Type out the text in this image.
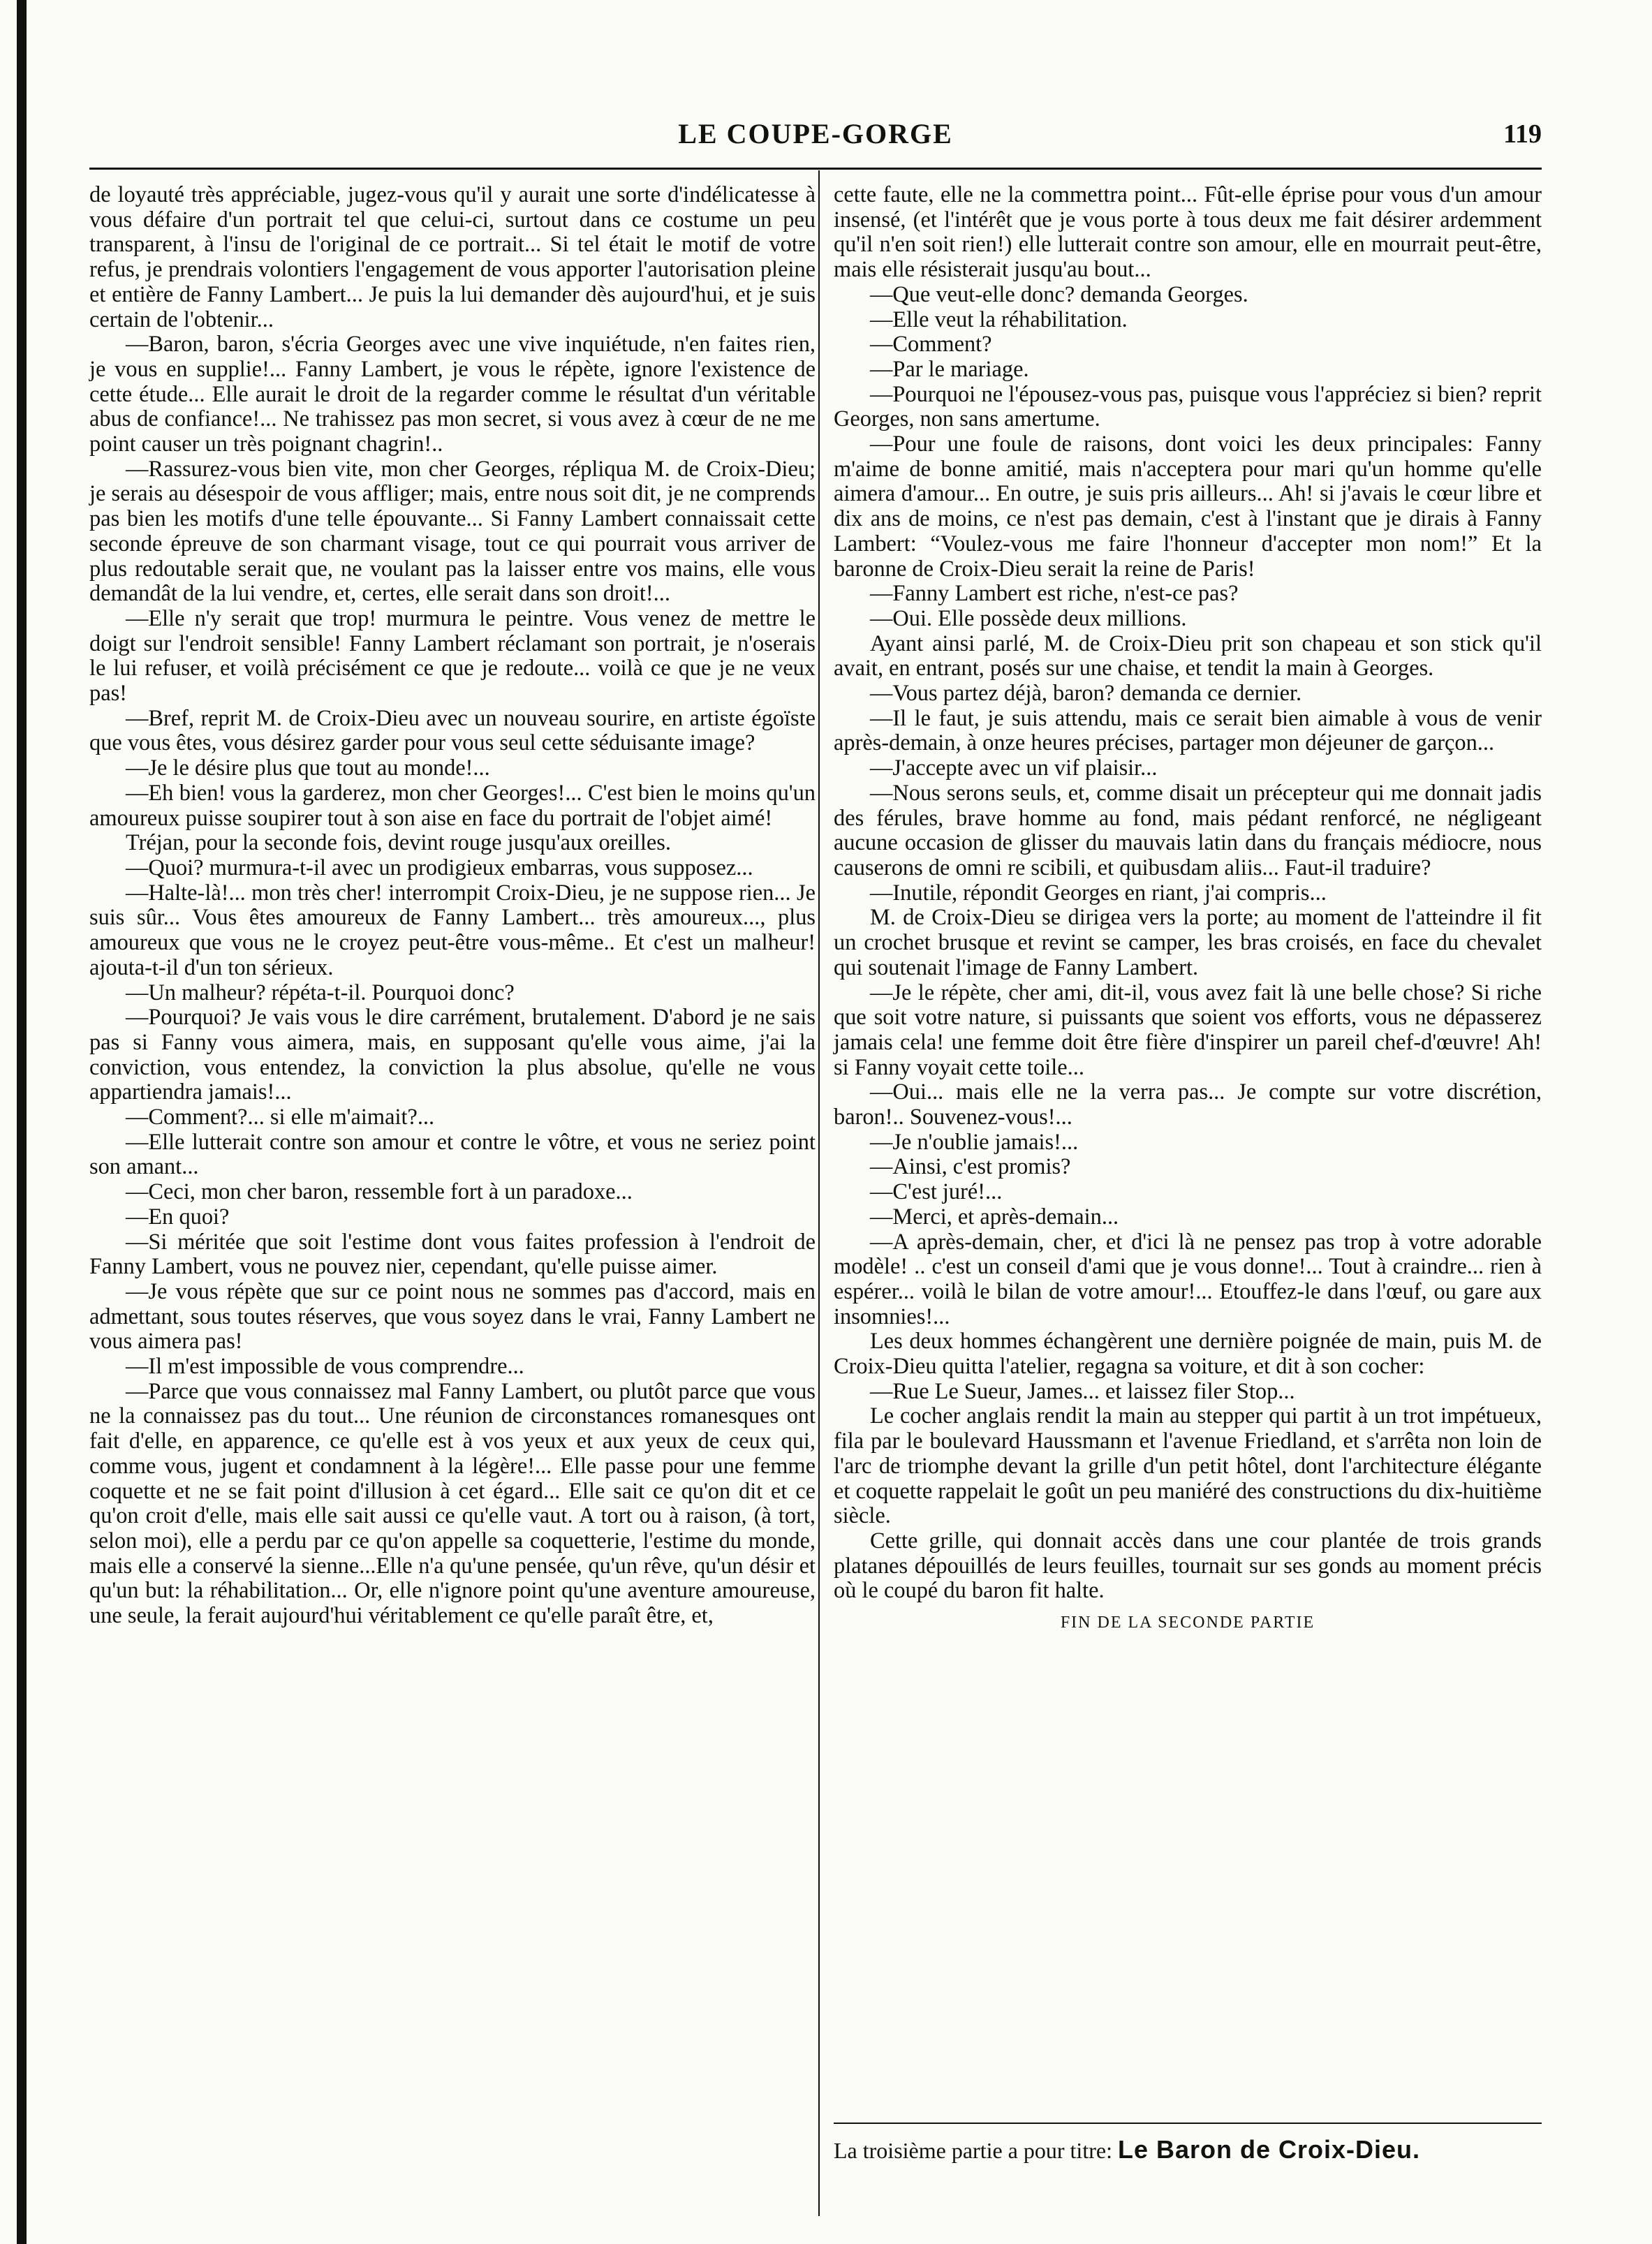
LE COUPE-GORGE	119

de loyauté très appréciable, jugez-vous qu'il y aurait une sorte d'indélicatesse à vous défaire d'un portrait tel que celui-ci, surtout dans ce costume un peu transparent, à l'insu de l'original de ce portrait... Si tel était le motif de votre refus, je prendrais volontiers l'engagement de vous apporter l'autorisation pleine et entière de Fanny Lambert... Je puis la lui demander dès aujourd'hui, et je suis certain de l'obtenir...

—Baron, baron, s'écria Georges avec une vive inquiétude, n'en faites rien, je vous en supplie!... Fanny Lambert, je vous le répète, ignore l'existence de cette étude... Elle aurait le droit de la regarder comme le résultat d'un véritable abus de confiance!... Ne trahissez pas mon secret, si vous avez à cœur de ne me point causer un très poignant chagrin!..

—Rassurez-vous bien vite, mon cher Georges, répliqua M. de Croix-Dieu; je serais au désespoir de vous affliger; mais, entre nous soit dit, je ne comprends pas bien les motifs d'une telle épouvante... Si Fanny Lambert connaissait cette seconde épreuve de son charmant visage, tout ce qui pourrait vous arriver de plus redoutable serait que, ne voulant pas la laisser entre vos mains, elle vous demandât de la lui vendre, et, certes, elle serait dans son droit!...

—Elle n'y serait que trop! murmura le peintre. Vous venez de mettre le doigt sur l'endroit sensible! Fanny Lambert réclamant son portrait, je n'oserais le lui refuser, et voilà précisément ce que je redoute... voilà ce que je ne veux pas!

—Bref, reprit M. de Croix-Dieu avec un nouveau sourire, en artiste égoïste que vous êtes, vous désirez garder pour vous seul cette séduisante image?

—Je le désire plus que tout au monde!...

—Eh bien! vous la garderez, mon cher Georges!... C'est bien le moins qu'un amoureux puisse soupirer tout à son aise en face du portrait de l'objet aimé!

Tréjan, pour la seconde fois, devint rouge jusqu'aux oreilles.

—Quoi? murmura-t-il avec un prodigieux embarras, vous supposez...

—Halte-là!... mon très cher! interrompit Croix-Dieu, je ne suppose rien... Je suis sûr... Vous êtes amoureux de Fanny Lambert... très amoureux..., plus amoureux que vous ne le croyez peut-être vous-même.. Et c'est un malheur! ajouta-t-il d'un ton sérieux.

—Un malheur? répéta-t-il. Pourquoi donc?

—Pourquoi? Je vais vous le dire carrément, brutalement. D'abord je ne sais pas si Fanny vous aimera, mais, en supposant qu'elle vous aime, j'ai la conviction, vous entendez, la conviction la plus absolue, qu'elle ne vous appartiendra jamais!...

—Comment?... si elle m'aimait?...

—Elle lutterait contre son amour et contre le vôtre, et vous ne seriez point son amant...

—Ceci, mon cher baron, ressemble fort à un paradoxe...

—En quoi?

—Si méritée que soit l'estime dont vous faites profession à l'endroit de Fanny Lambert, vous ne pouvez nier, cependant, qu'elle puisse aimer.

—Je vous répète que sur ce point nous ne sommes pas d'accord, mais en admettant, sous toutes réserves, que vous soyez dans le vrai, Fanny Lambert ne vous aimera pas!

—Il m'est impossible de vous comprendre...

—Parce que vous connaissez mal Fanny Lambert, ou plutôt parce que vous ne la connaissez pas du tout... Une réunion de circonstances romanesques ont fait d'elle, en apparence, ce qu'elle est à vos yeux et aux yeux de ceux qui, comme vous, jugent et condamnent à la légère!... Elle passe pour une femme coquette et ne se fait point d'illusion à cet égard... Elle sait ce qu'on dit et ce qu'on croit d'elle, mais elle sait aussi ce qu'elle vaut. A tort ou à raison, (à tort, selon moi), elle a perdu par ce qu'on appelle sa coquetterie, l'estime du monde, mais elle a conservé la sienne...Elle n'a qu'une pensée, qu'un rêve, qu'un désir et qu'un but: la réhabilitation... Or, elle n'ignore point qu'une aventure amoureuse, une seule, la ferait aujourd'hui véritablement ce qu'elle paraît être, et,

cette faute, elle ne la commettra point... Fût-elle éprise pour vous d'un amour insensé, (et l'intérêt que je vous porte à tous deux me fait désirer ardemment qu'il n'en soit rien!) elle lutterait contre son amour, elle en mourrait peut-être, mais elle résisterait jusqu'au bout...

—Que veut-elle donc? demanda Georges.

—Elle veut la réhabilitation.

—Comment?

—Par le mariage.

—Pourquoi ne l'épousez-vous pas, puisque vous l'appréciez si bien? reprit Georges, non sans amertume.

—Pour une foule de raisons, dont voici les deux principales: Fanny m'aime de bonne amitié, mais n'acceptera pour mari qu'un homme qu'elle aimera d'amour... En outre, je suis pris ailleurs... Ah! si j'avais le cœur libre et dix ans de moins, ce n'est pas demain, c'est à l'instant que je dirais à Fanny Lambert: “Voulez-vous me faire l'honneur d'accepter mon nom!” Et la baronne de Croix-Dieu serait la reine de Paris!

—Fanny Lambert est riche, n'est-ce pas?

—Oui. Elle possède deux millions.

Ayant ainsi parlé, M. de Croix-Dieu prit son chapeau et son stick qu'il avait, en entrant, posés sur une chaise, et tendit la main à Georges.

—Vous partez déjà, baron? demanda ce dernier.

—Il le faut, je suis attendu, mais ce serait bien aimable à vous de venir après-demain, à onze heures précises, partager mon déjeuner de garçon...

—J'accepte avec un vif plaisir...

—Nous serons seuls, et, comme disait un précepteur qui me donnait jadis des férules, brave homme au fond, mais pédant renforcé, ne négligeant aucune occasion de glisser du mauvais latin dans du français médiocre, nous causerons de omni re scibili, et quibusdam aliis... Faut-il traduire?

—Inutile, répondit Georges en riant, j'ai compris...

M. de Croix-Dieu se dirigea vers la porte; au moment de l'atteindre il fit un crochet brusque et revint se camper, les bras croisés, en face du chevalet qui soutenait l'image de Fanny Lambert.

—Je le répète, cher ami, dit-il, vous avez fait là une belle chose? Si riche que soit votre nature, si puissants que soient vos efforts, vous ne dépasserez jamais cela! une femme doit être fière d'inspirer un pareil chef-d'œuvre! Ah! si Fanny voyait cette toile...

—Oui... mais elle ne la verra pas... Je compte sur votre discrétion, baron!.. Souvenez-vous!...

—Je n'oublie jamais!...

—Ainsi, c'est promis?

—C'est juré!...

—Merci, et après-demain...

—A après-demain, cher, et d'ici là ne pensez pas trop à votre adorable modèle! .. c'est un conseil d'ami que je vous donne!... Tout à craindre... rien à espérer... voilà le bilan de votre amour!... Etouffez-le dans l'œuf, ou gare aux insomnies!...

Les deux hommes échangèrent une dernière poignée de main, puis M. de Croix-Dieu quitta l'atelier, regagna sa voiture, et dit à son cocher:

—Rue Le Sueur, James... et laissez filer Stop...

Le cocher anglais rendit la main au stepper qui partit à un trot impétueux, fila par le boulevard Haussmann et l'avenue Friedland, et s'arrêta non loin de l'arc de triomphe devant la grille d'un petit hôtel, dont l'architecture élégante et coquette rappelait le goût un peu maniéré des constructions du dix-huitième siècle.

Cette grille, qui donnait accès dans une cour plantée de trois grands platanes dépouillés de leurs feuilles, tournait sur ses gonds au moment précis où le coupé du baron fit halte.

FIN DE LA SECONDE PARTIE
La troisième partie a pour titre: Le Baron de Croix-Dieu.
